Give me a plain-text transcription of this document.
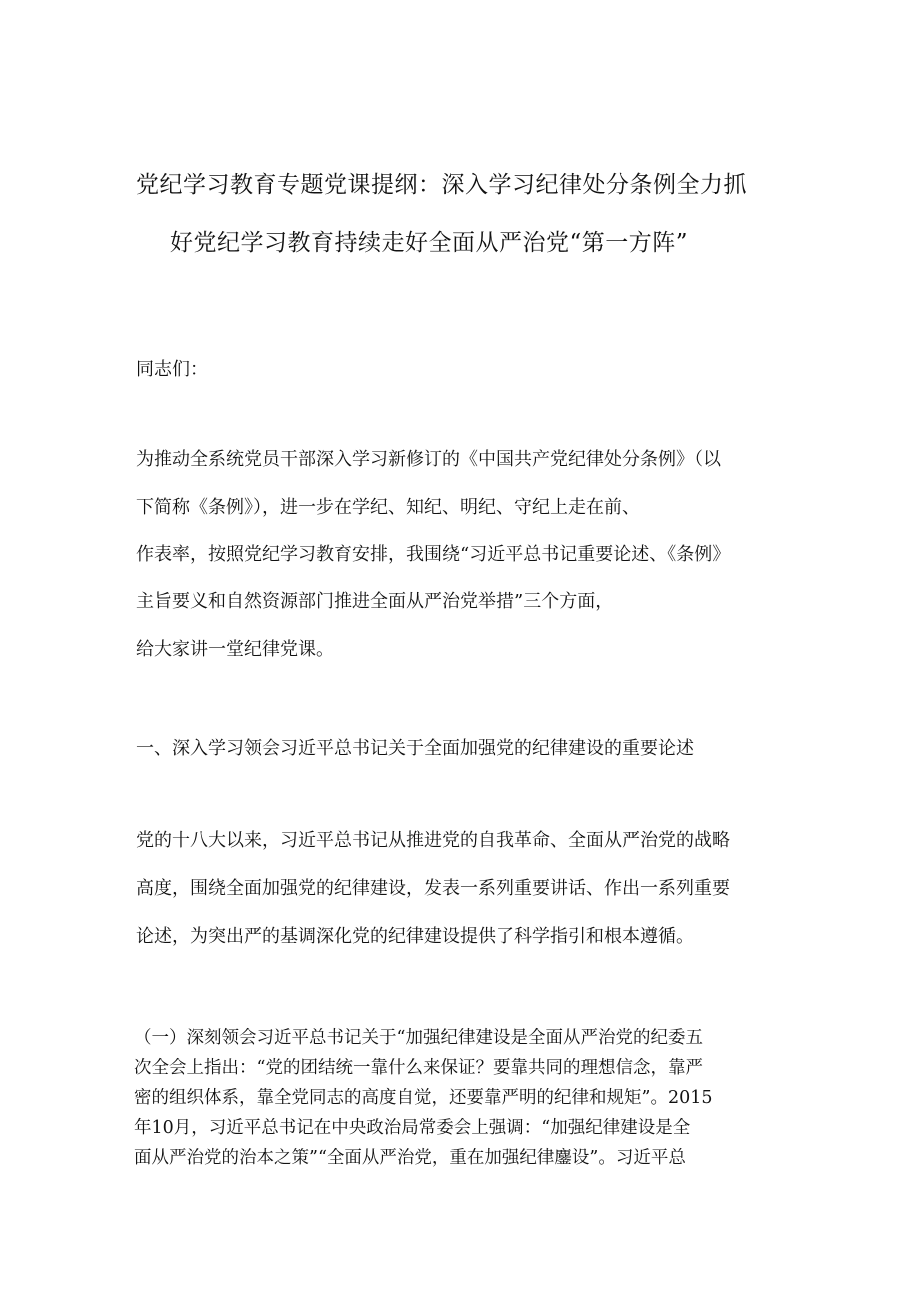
党纪学习教育专题党课提纲：深入学习纪律处分条例全力抓
好党纪学习教育持续走好全面从严治党“第一方阵”

同志们：

为推动全系统党员干部深入学习新修订的《中国共产党纪律处分条例》（以

下简称《条例》），进一步在学纪、知纪、明纪、守纪上走在前、

作表率，按照党纪学习教育安排，我围绕“习近平总书记重要论述、《条例》

主旨要义和自然资源部门推进全面从严治党举措”三个方面，

给大家讲一堂纪律党课。

一、深入学习领会习近平总书记关于全面加强党的纪律建设的重要论述

党的十八大以来，习近平总书记从推进党的自我革命、全面从严治党的战略

高度，围绕全面加强党的纪律建设，发表一系列重要讲话、作出一系列重要

论述，为突出严的基调深化党的纪律建设提供了科学指引和根本遵循。

（一）深刻领会习近平总书记关于“加强纪律建设是全面从严治党的纪委五

次全会上指出：“党的团结统一靠什么来保证？要靠共同的理想信念，靠严

密的组织体系，靠全党同志的高度自觉，还要靠严明的纪律和规矩”。2015

年10月，习近平总书记在中央政治局常委会上强调：“加强纪律建设是全

面从严治党的治本之策”“全面从严治党，重在加强纪律鏖设”。习近平总
